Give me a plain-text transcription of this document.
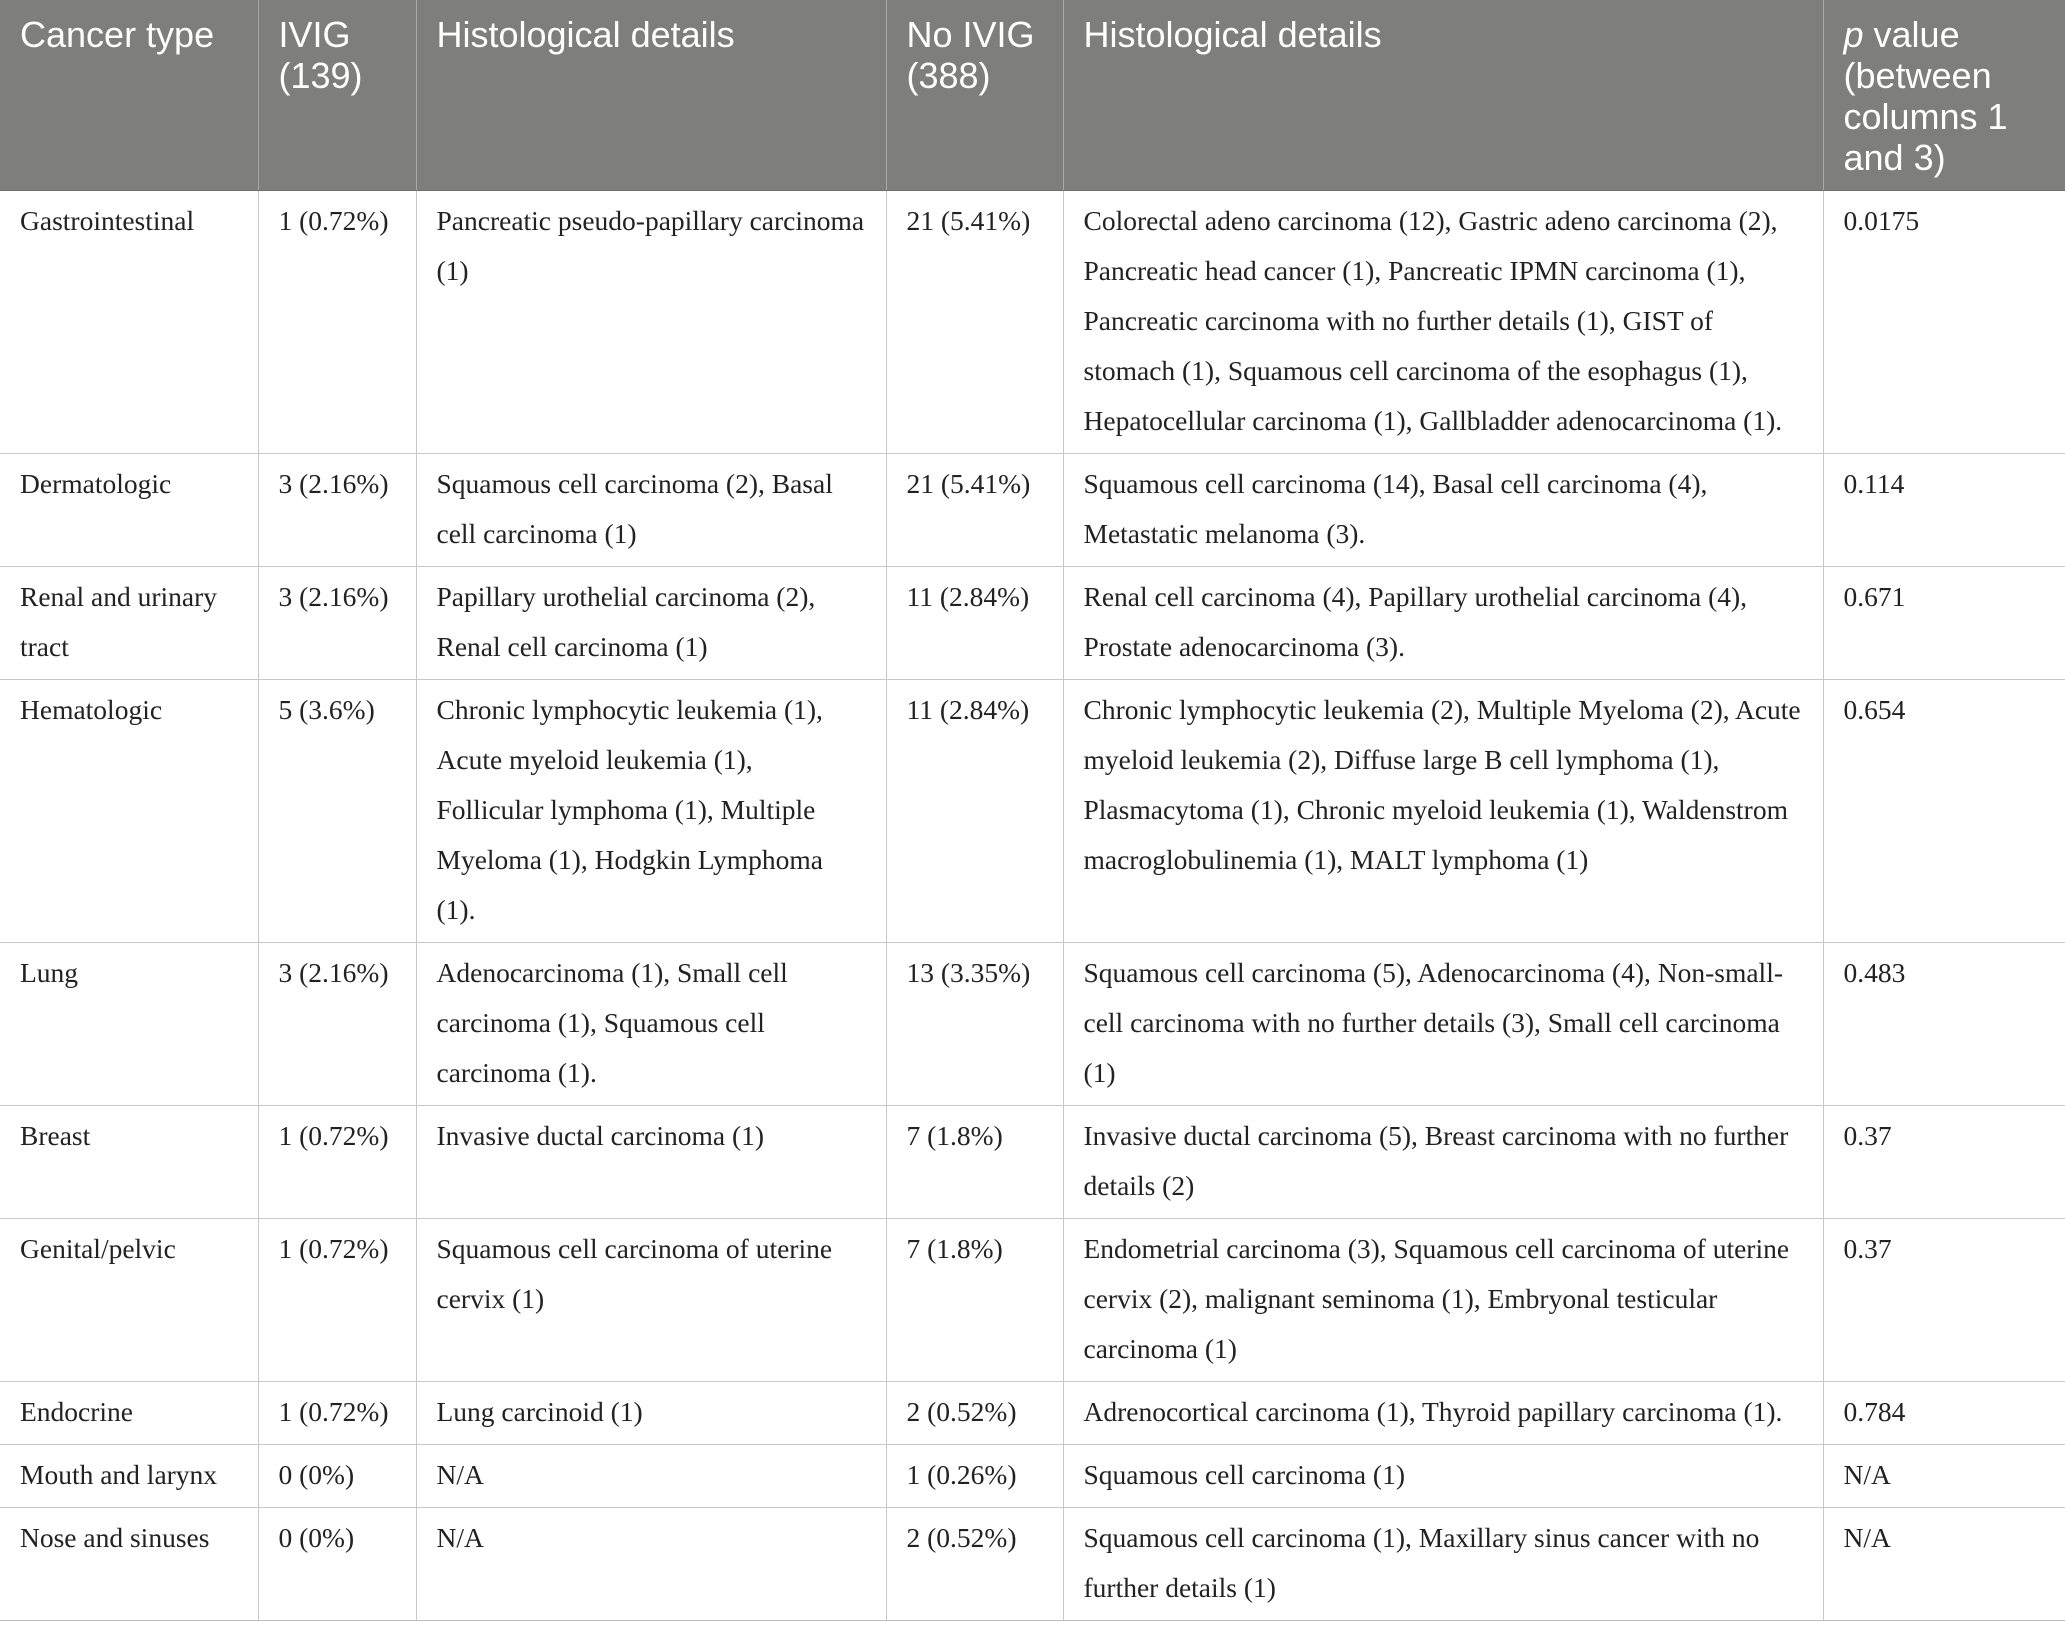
Cancer type	IVIG (139)	Histological details	No IVIG (388)	Histological details	p value (between columns 1 and 3)
Gastrointestinal	1 (0.72%)	Pancreatic pseudo-papillary carcinoma (1)	21 (5.41%)	Colorectal adeno carcinoma (12), Gastric adeno carcinoma (2), Pancreatic head cancer (1), Pancreatic IPMN carcinoma (1), Pancreatic carcinoma with no further details (1), GIST of stomach (1), Squamous cell carcinoma of the esophagus (1), Hepatocellular carcinoma (1), Gallbladder adenocarcinoma (1).	0.0175
Dermatologic	3 (2.16%)	Squamous cell carcinoma (2), Basal cell carcinoma (1)	21 (5.41%)	Squamous cell carcinoma (14), Basal cell carcinoma (4), Metastatic melanoma (3).	0.114
Renal and urinary tract	3 (2.16%)	Papillary urothelial carcinoma (2), Renal cell carcinoma (1)	11 (2.84%)	Renal cell carcinoma (4), Papillary urothelial carcinoma (4), Prostate adenocarcinoma (3).	0.671
Hematologic	5 (3.6%)	Chronic lymphocytic leukemia (1), Acute myeloid leukemia (1), Follicular lymphoma (1), Multiple Myeloma (1), Hodgkin Lymphoma (1).	11 (2.84%)	Chronic lymphocytic leukemia (2), Multiple Myeloma (2), Acute myeloid leukemia (2), Diffuse large B cell lymphoma (1), Plasmacytoma (1), Chronic myeloid leukemia (1), Waldenstrom macroglobulinemia (1), MALT lymphoma (1)	0.654
Lung	3 (2.16%)	Adenocarcinoma (1), Small cell carcinoma (1), Squamous cell carcinoma (1).	13 (3.35%)	Squamous cell carcinoma (5), Adenocarcinoma (4), Non-small-cell carcinoma with no further details (3), Small cell carcinoma (1)	0.483
Breast	1 (0.72%)	Invasive ductal carcinoma (1)	7 (1.8%)	Invasive ductal carcinoma (5), Breast carcinoma with no further details (2)	0.37
Genital/pelvic	1 (0.72%)	Squamous cell carcinoma of uterine cervix (1)	7 (1.8%)	Endometrial carcinoma (3), Squamous cell carcinoma of uterine cervix (2), malignant seminoma (1), Embryonal testicular carcinoma (1)	0.37
Endocrine	1 (0.72%)	Lung carcinoid (1)	2 (0.52%)	Adrenocortical carcinoma (1), Thyroid papillary carcinoma (1).	0.784
Mouth and larynx	0 (0%)	N/A	1 (0.26%)	Squamous cell carcinoma (1)	N/A
Nose and sinuses	0 (0%)	N/A	2 (0.52%)	Squamous cell carcinoma (1), Maxillary sinus cancer with no further details (1)	N/A
